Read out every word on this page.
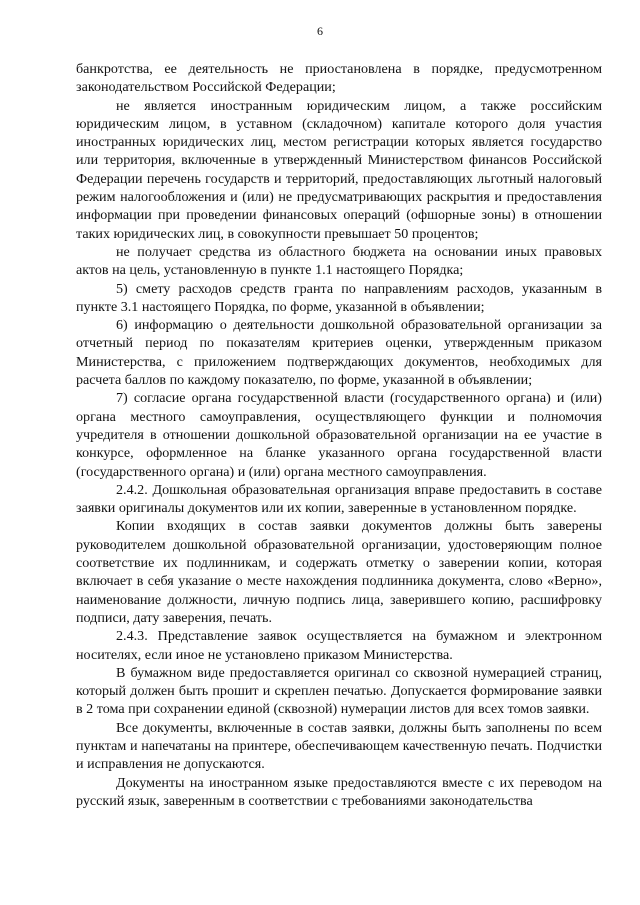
6

банкротства, ее деятельность не приостановлена в порядке, предусмотренном законодательством Российской Федерации;

не является иностранным юридическим лицом, а также российским юридическим лицом, в уставном (складочном) капитале которого доля участия иностранных юридических лиц, местом регистрации которых является государство или территория, включенные в утвержденный Министерством финансов Российской Федерации перечень государств и территорий, предоставляющих льготный налоговый режим налогообложения и (или) не предусматривающих раскрытия и предоставления информации при проведении финансовых операций (офшорные зоны) в отношении таких юридических лиц, в совокупности превышает 50 процентов;

не получает средства из областного бюджета на основании иных правовых актов на цель, установленную в пункте 1.1 настоящего Порядка;

5) смету расходов средств гранта по направлениям расходов, указанным в пункте 3.1 настоящего Порядка, по форме, указанной в объявлении;

6) информацию о деятельности дошкольной образовательной организации за отчетный период по показателям критериев оценки, утвержденным приказом Министерства, с приложением подтверждающих документов, необходимых для расчета баллов по каждому показателю, по форме, указанной в объявлении;

7) согласие органа государственной власти (государственного органа) и (или) органа местного самоуправления, осуществляющего функции и полномочия учредителя в отношении дошкольной образовательной организации на ее участие в конкурсе, оформленное на бланке указанного органа государственной власти (государственного органа) и (или) органа местного самоуправления.

2.4.2. Дошкольная образовательная организация вправе предоставить в составе заявки оригиналы документов или их копии, заверенные в установленном порядке.

Копии входящих в состав заявки документов должны быть заверены руководителем дошкольной образовательной организации, удостоверяющим полное соответствие их подлинникам, и содержать отметку о заверении копии, которая включает в себя указание о месте нахождения подлинника документа, слово «Верно», наименование должности, личную подпись лица, заверившего копию, расшифровку подписи, дату заверения, печать.

2.4.3. Представление заявок осуществляется на бумажном и электронном носителях, если иное не установлено приказом Министерства.

В бумажном виде предоставляется оригинал со сквозной нумерацией страниц, который должен быть прошит и скреплен печатью. Допускается формирование заявки в 2 тома при сохранении единой (сквозной) нумерации листов для всех томов заявки.

Все документы, включенные в состав заявки, должны быть заполнены по всем пунктам и напечатаны на принтере, обеспечивающем качественную печать. Подчистки и исправления не допускаются.

Документы на иностранном языке предоставляются вместе с их переводом на русский язык, заверенным в соответствии с требованиями законодательства
